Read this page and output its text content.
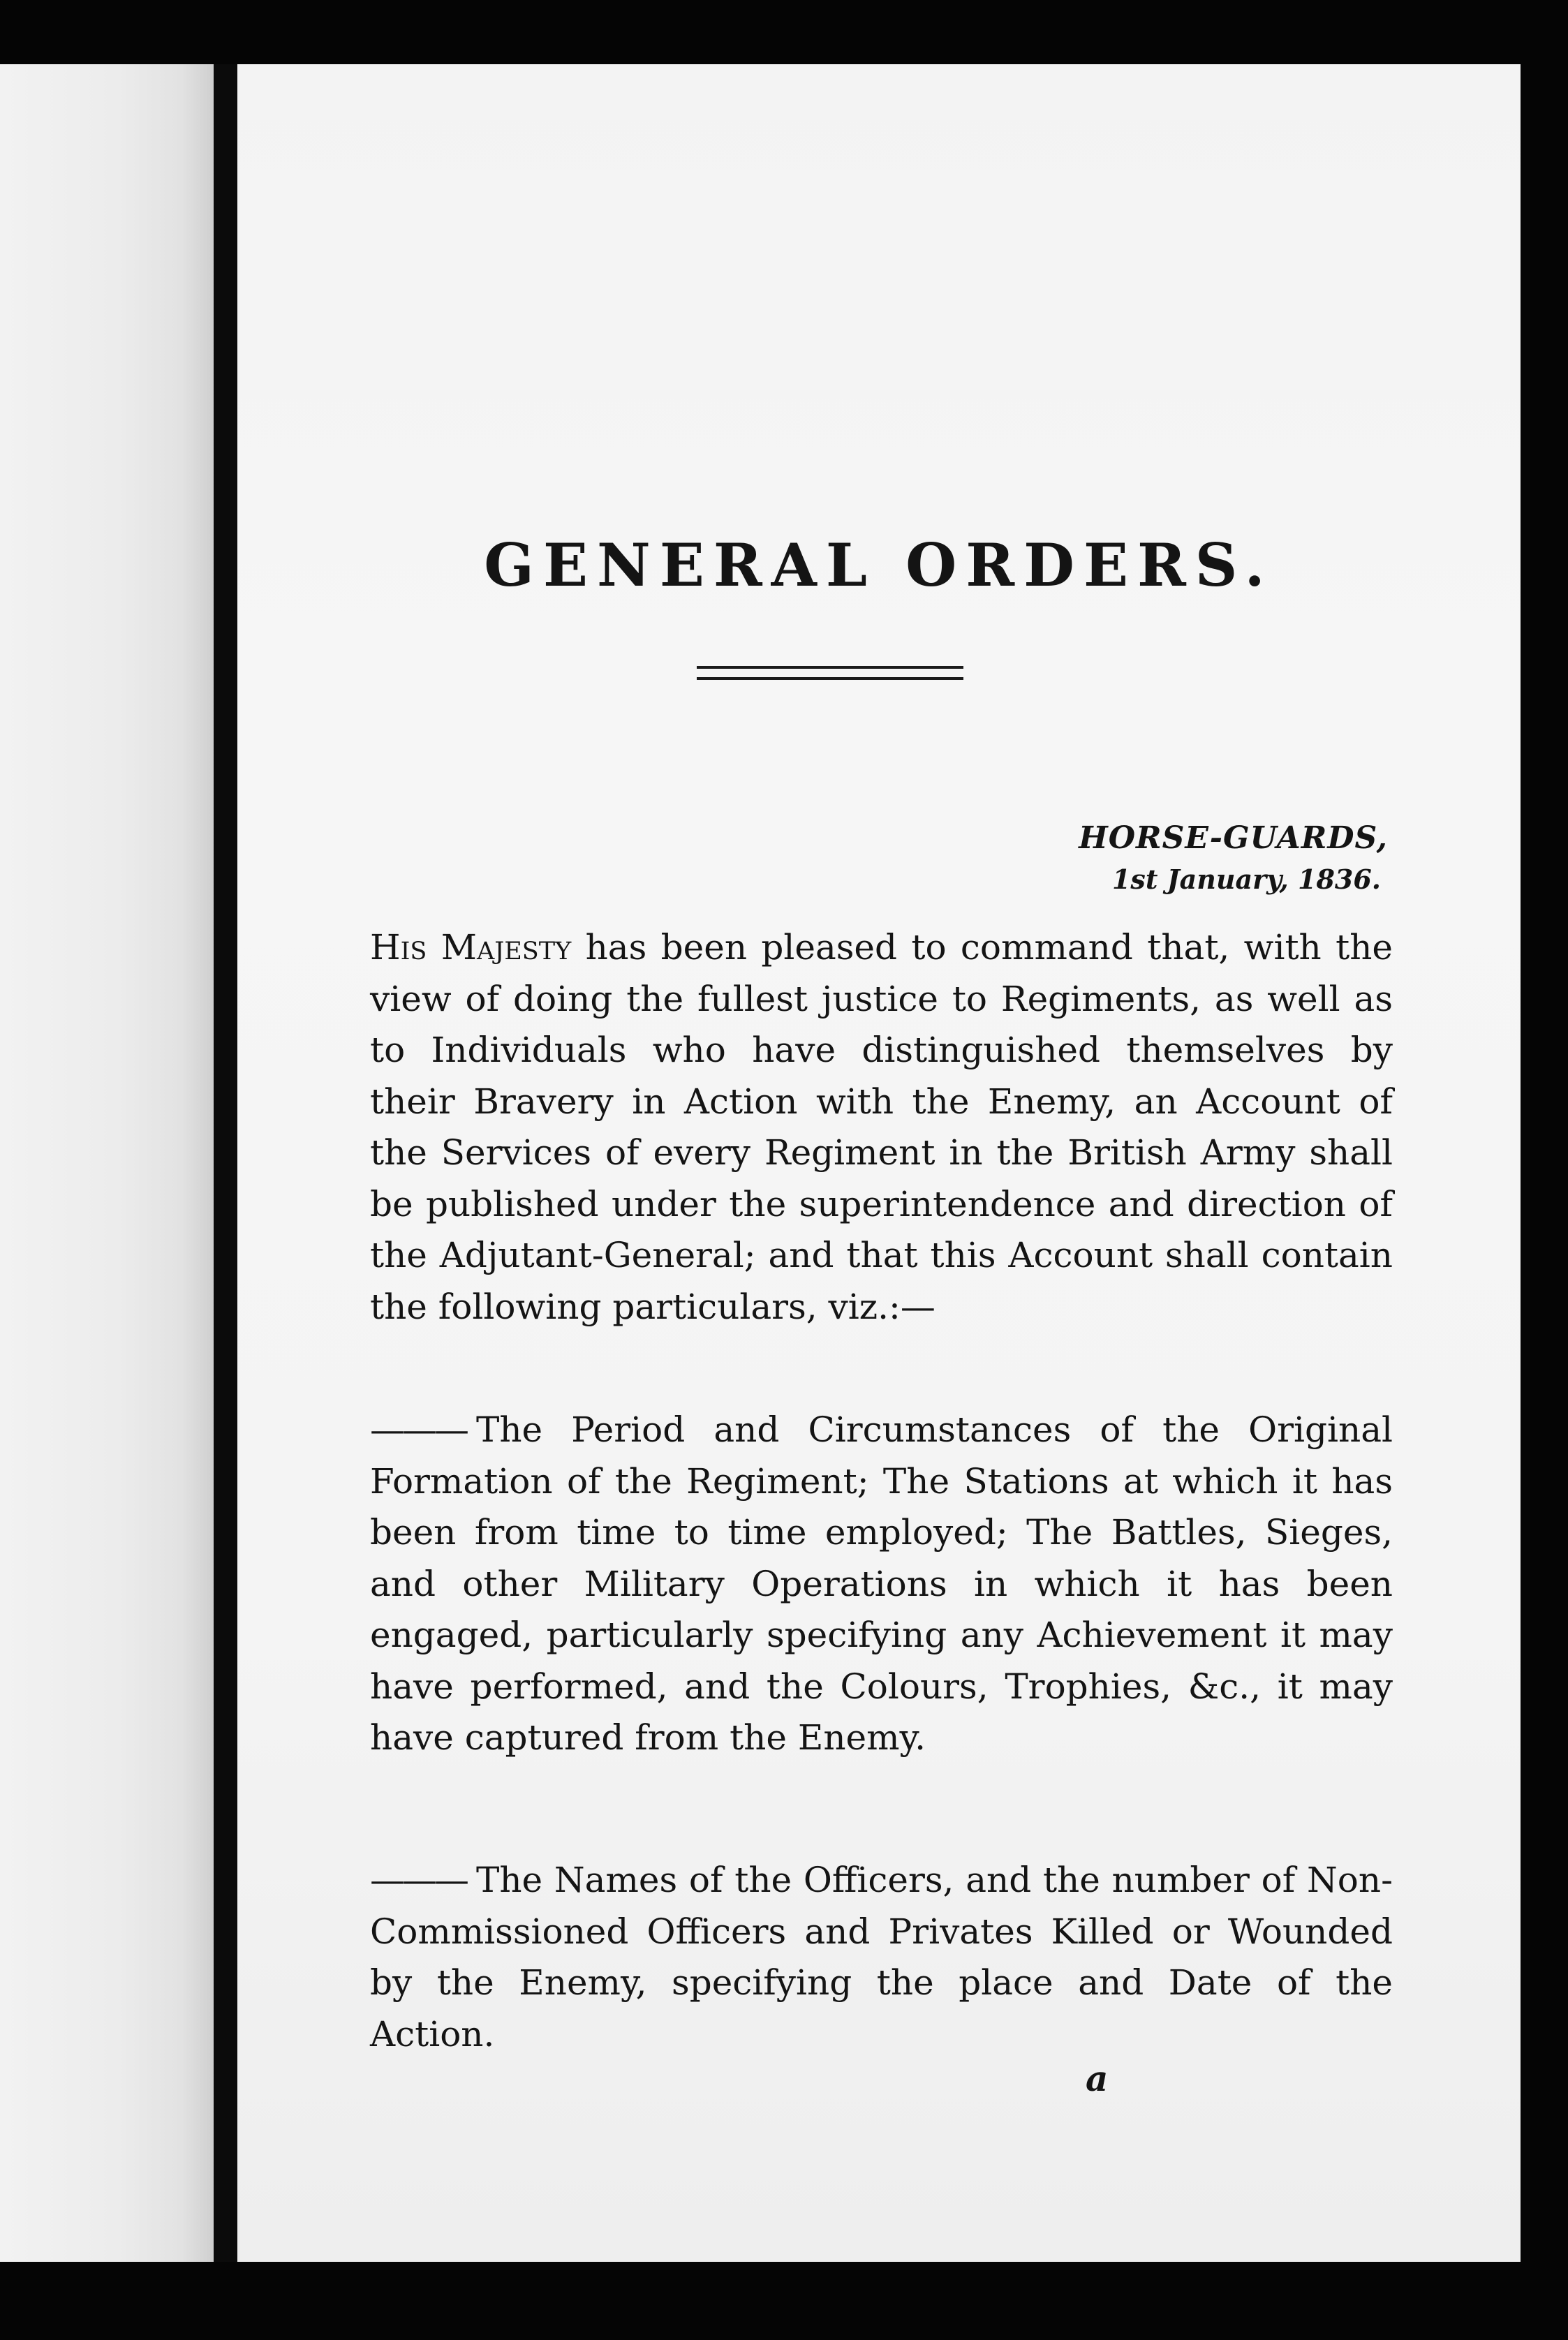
GENERAL ORDERS.
HORSE-GUARDS,
1st January, 1836.

His Majesty has been pleased to command that, with the view of doing the fullest justice to Regiments, as well as to Individuals who have distinguished themselves by their Bravery in Action with the Enemy, an Account of the Services of every Regiment in the British Army shall be published under the superintendence and direction of the Adjutant-General; and that this Account shall contain the following particulars, viz.:—

——— The Period and Circumstances of the Original Formation of the Regiment; The Stations at which it has been from time to time employed; The Battles, Sieges, and other Military Operations in which it has been engaged, particularly specifying any Achievement it may have performed, and the Colours, Trophies, &c., it may have captured from the Enemy.

——— The Names of the Officers, and the number of Non-Commissioned Officers and Privates Killed or Wounded by the Enemy, specifying the place and Date of the Action.

a
